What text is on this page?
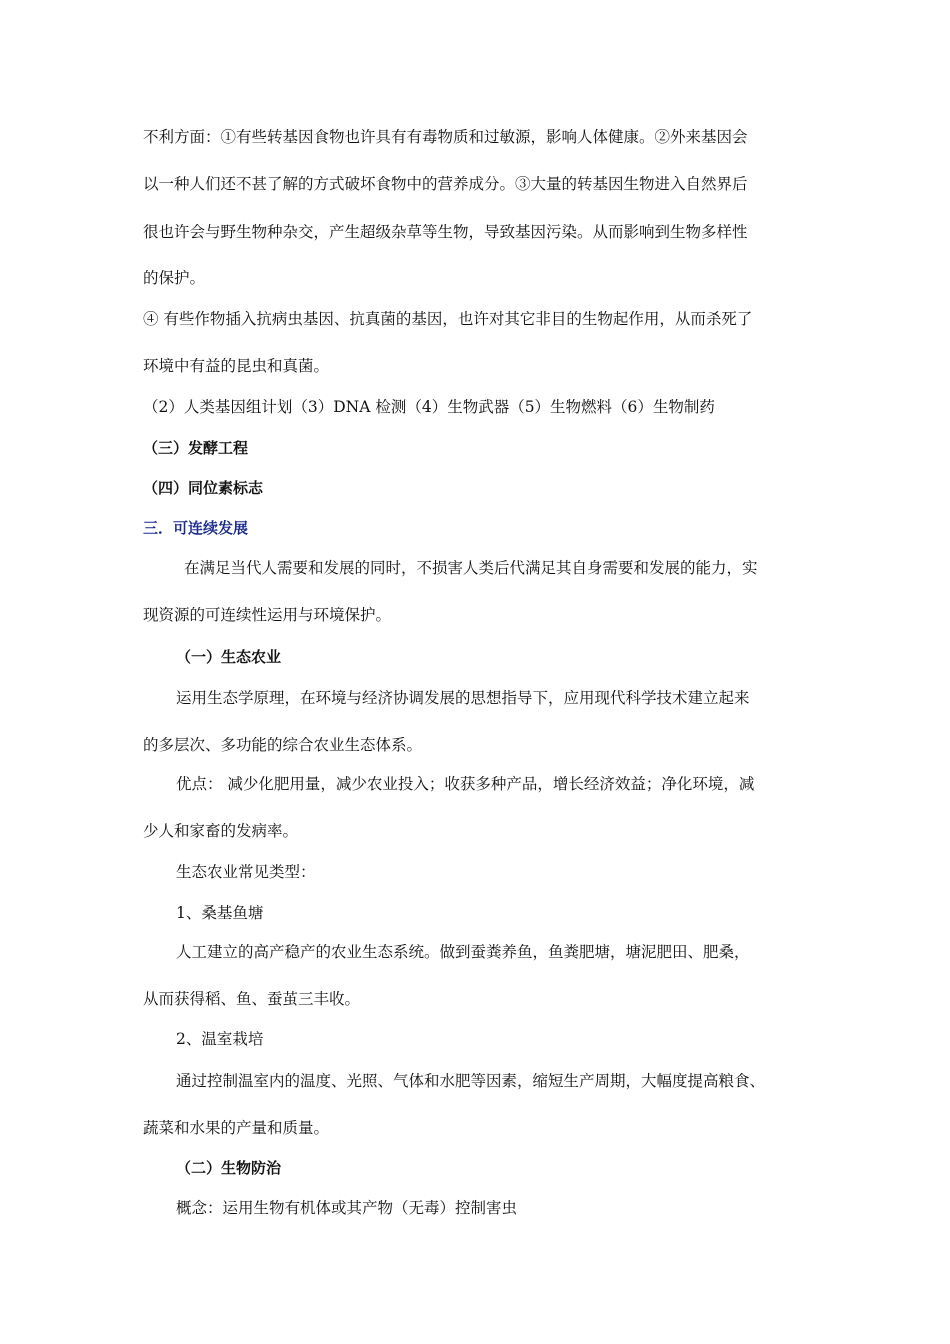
不利方面：①有些转基因食物也许具有有毒物质和过敏源，影响人体健康。②外来基因会
以一种人们还不甚了解的方式破坏食物中的营养成分。③大量的转基因生物进入自然界后
很也许会与野生物种杂交，产生超级杂草等生物，导致基因污染。从而影响到生物多样性
的保护。
④ 有些作物插入抗病虫基因、抗真菌的基因，也许对其它非目的生物起作用，从而杀死了
环境中有益的昆虫和真菌。
（2）人类基因组计划（3）DNA 检测（4）生物武器（5）生物燃料（6）生物制药
（三）发酵工程
（四）同位素标志
三．可连续发展
在满足当代人需要和发展的同时，不损害人类后代满足其自身需要和发展的能力，实
现资源的可连续性运用与环境保护。
（一）生态农业
运用生态学原理，在环境与经济协调发展的思想指导下，应用现代科学技术建立起来
的多层次、多功能的综合农业生态体系。
优点： 减少化肥用量，减少农业投入；收获多种产品，增长经济效益；净化环境，减
少人和家畜的发病率。
生态农业常见类型：
1、桑基鱼塘
人工建立的高产稳产的农业生态系统。做到蚕粪养鱼，鱼粪肥塘，塘泥肥田、肥桑，
从而获得稻、鱼、蚕茧三丰收。
2、温室栽培
通过控制温室内的温度、光照、气体和水肥等因素，缩短生产周期，大幅度提高粮食、
蔬菜和水果的产量和质量。
（二）生物防治
概念：运用生物有机体或其产物（无毒）控制害虫
